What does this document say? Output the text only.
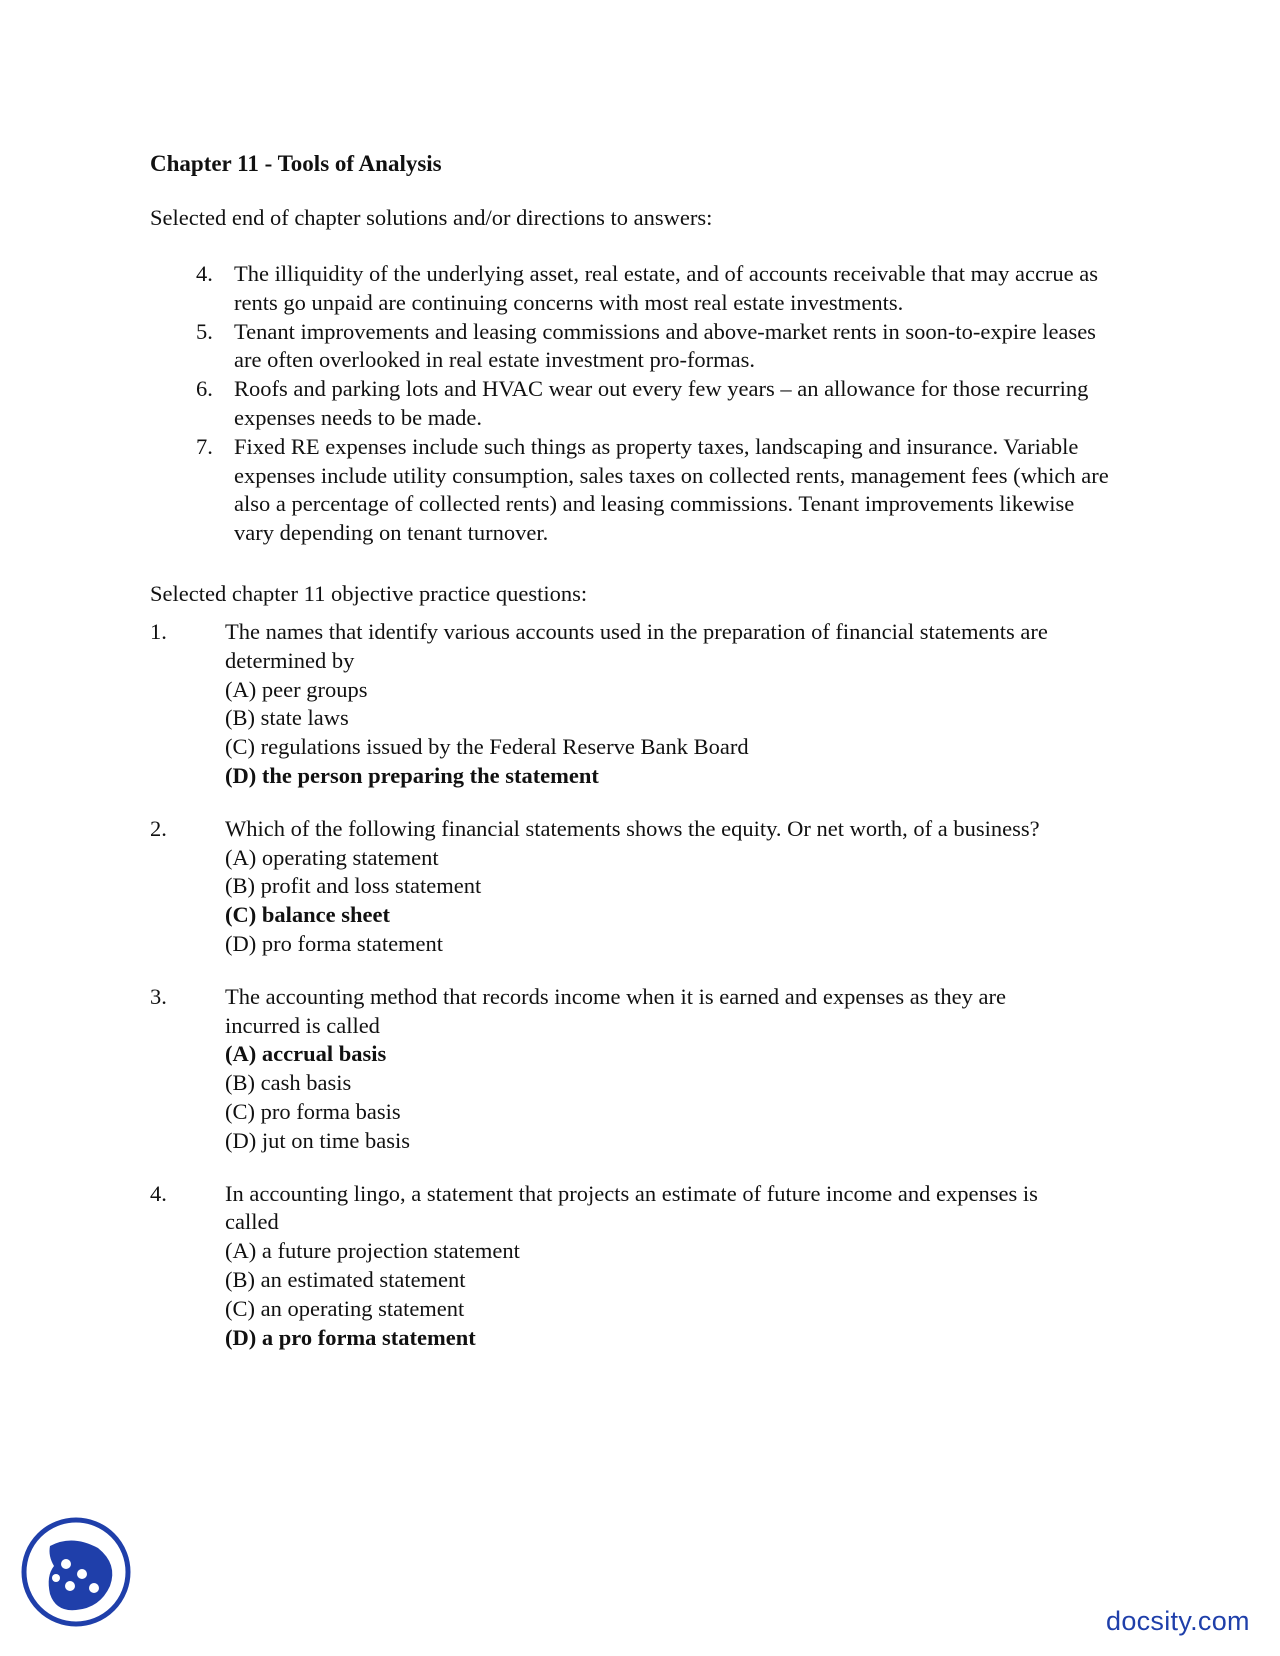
Chapter 11 - Tools of Analysis

Selected end of chapter solutions and/or directions to answers:

4. The illiquidity of the underlying asset, real estate, and of accounts receivable that may accrue as rents go unpaid are continuing concerns with most real estate investments.
5. Tenant improvements and leasing commissions and above-market rents in soon-to-expire leases are often overlooked in real estate investment pro-formas.
6. Roofs and parking lots and HVAC wear out every few years – an allowance for those recurring expenses needs to be made.
7. Fixed RE expenses include such things as property taxes, landscaping and insurance. Variable expenses include utility consumption, sales taxes on collected rents, management fees (which are also a percentage of collected rents) and leasing commissions. Tenant improvements likewise vary depending on tenant turnover.

Selected chapter 11 objective practice questions:

1.	The names that identify various accounts used in the preparation of financial statements are determined by
(A) peer groups
(B) state laws
(C) regulations issued by the Federal Reserve Bank Board
(D) the person preparing the statement
2.	Which of the following financial statements shows the equity. Or net worth, of a business?
(A) operating statement
(B) profit and loss statement
(C) balance sheet
(D) pro forma statement
3.	The accounting method that records income when it is earned and expenses as they are incurred is called
(A) accrual basis
(B) cash basis
(C) pro forma basis
(D) jut on time basis
4.	In accounting lingo, a statement that projects an estimate of future income and expenses is called
(A) a future projection statement
(B) an estimated statement
(C) an operating statement
(D) a pro forma statement
docsity.com
